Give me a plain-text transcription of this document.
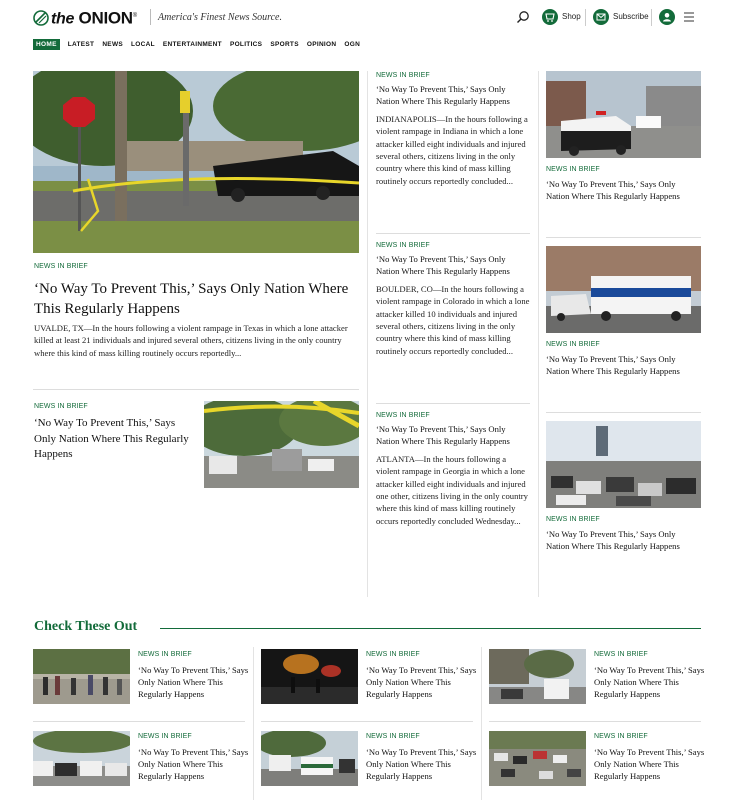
the ONION® America's Finest News Source.	Shop	Subscribe
HOME	LATEST NEWS LOCAL ENTERTAINMENT POLITICS SPORTS OPINION OGN
NEWS IN BRIEF
‘No Way To Prevent This,’ Says Only Nation Where This Regularly Happens

UVALDE, TX—In the hours following a violent rampage in Texas in which a lone attacker killed at least 21 individuals and injured several others, citizens living in the only country where this kind of mass killing routinely occurs reportedly...

NEWS IN BRIEF
‘No Way To Prevent This,’ Says Only Nation Where This Regularly Happens
NEWS IN BRIEF
‘No Way To Prevent This,’ Says Only Nation Where This Regularly Happens
INDIANAPOLIS—In the hours following a violent rampage in Indiana in which a lone attacker killed eight individuals and injured several others, citizens living in the only country where this kind of mass killing routinely occurs reportedly concluded...
NEWS IN BRIEF
‘No Way To Prevent This,’ Says Only Nation Where This Regularly Happens
BOULDER, CO—In the hours following a violent rampage in Colorado in which a lone attacker killed 10 individuals and injured several others, citizens living in the only country where this kind of mass killing routinely occurs reportedly concluded...
NEWS IN BRIEF
‘No Way To Prevent This,’ Says Only Nation Where This Regularly Happens
ATLANTA—In the hours following a violent rampage in Georgia in which a lone attacker killed eight individuals and injured one other, citizens living in the only country where this kind of mass killing routinely occurs reportedly concluded Wednesday...
NEWS IN BRIEF
‘No Way To Prevent This,’ Says Only Nation Where This Regularly Happens
NEWS IN BRIEF
‘No Way To Prevent This,’ Says Only Nation Where This Regularly Happens
NEWS IN BRIEF
‘No Way To Prevent This,’ Says Only Nation Where This Regularly Happens
Check These Out
NEWS IN BRIEF
‘No Way To Prevent This,’ Says Only Nation Where This Regularly Happens
NEWS IN BRIEF
‘No Way To Prevent This,’ Says Only Nation Where This Regularly Happens
NEWS IN BRIEF
‘No Way To Prevent This,’ Says Only Nation Where This Regularly Happens
NEWS IN BRIEF
‘No Way To Prevent This,’ Says Only Nation Where This Regularly Happens
NEWS IN BRIEF
‘No Way To Prevent This,’ Says Only Nation Where This Regularly Happens
NEWS IN BRIEF
‘No Way To Prevent This,’ Says Only Nation Where This Regularly Happens
